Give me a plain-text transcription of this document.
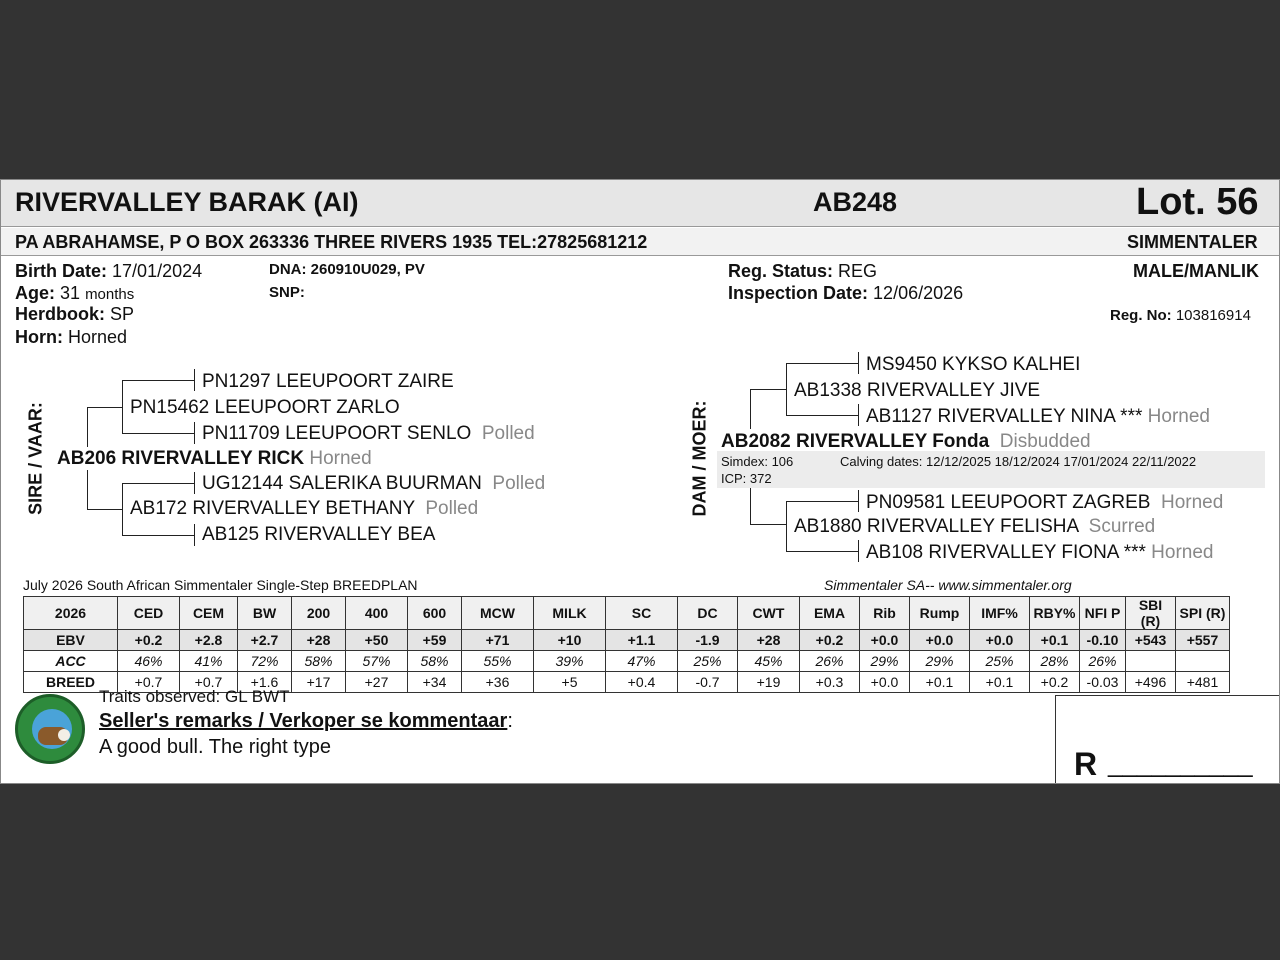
RIVERVALLEY BARAK (AI)	AB248	Lot. 56
PA ABRAHAMSE, P O BOX 263336 THREE RIVERS 1935 TEL:27825681212	SIMMENTALER
Birth Date: 17/01/2024
Age: 31 months
Herdbook: SP
Horn: Horned
DNA: 260910U029, PV
SNP:
Reg. Status: REG
Inspection Date: 12/06/2026
MALE/MANLIK
Reg. No: 103816914
SIRE / VAAR:
PN1297 LEEUPOORT ZAIRE
PN15462 LEEUPOORT ZARLO
PN11709 LEEUPOORT SENLO Polled
AB206 RIVERVALLEY RICK Horned
UG12144 SALERIKA BUURMAN Polled
AB172 RIVERVALLEY BETHANY Polled
AB125 RIVERVALLEY BEA
DAM / MOER:
MS9450 KYKSO KALHEI
AB1338 RIVERVALLEY JIVE
AB1127 RIVERVALLEY NINA *** Horned
AB2082 RIVERVALLEY Fonda Disbudded
Simdex: 106	Calving dates: 12/12/2025 18/12/2024 17/01/2024 22/11/2022
ICP: 372
PN09581 LEEUPOORT ZAGREB Horned
AB1880 RIVERVALLEY FELISHA Scurred
AB108 RIVERVALLEY FIONA *** Horned
July 2026 South African Simmentaler Single-Step BREEDPLAN	Simmentaler SA-- www.simmentaler.org
2026	CED	CEM	BW	200	400	600	MCW	MILK	SC	DC	CWT	EMA	Rib	Rump	IMF%	RBY%	NFI P	SBI (R)	SPI (R)
EBV	+0.2	+2.8	+2.7	+28	+50	+59	+71	+10	+1.1	-1.9	+28	+0.2	+0.0	+0.0	+0.0	+0.1	-0.10	+543	+557
ACC	46%	41%	72%	58%	57%	58%	55%	39%	47%	25%	45%	26%	29%	29%	25%	28%	26%		
BREED	+0.7	+0.7	+1.6	+17	+27	+34	+36	+5	+0.4	-0.7	+19	+0.3	+0.0	+0.1	+0.1	+0.2	-0.03	+496	+481
Traits observed: GL BWT
Seller's remarks / Verkoper se kommentaar:
A good bull. The right type	R __________
